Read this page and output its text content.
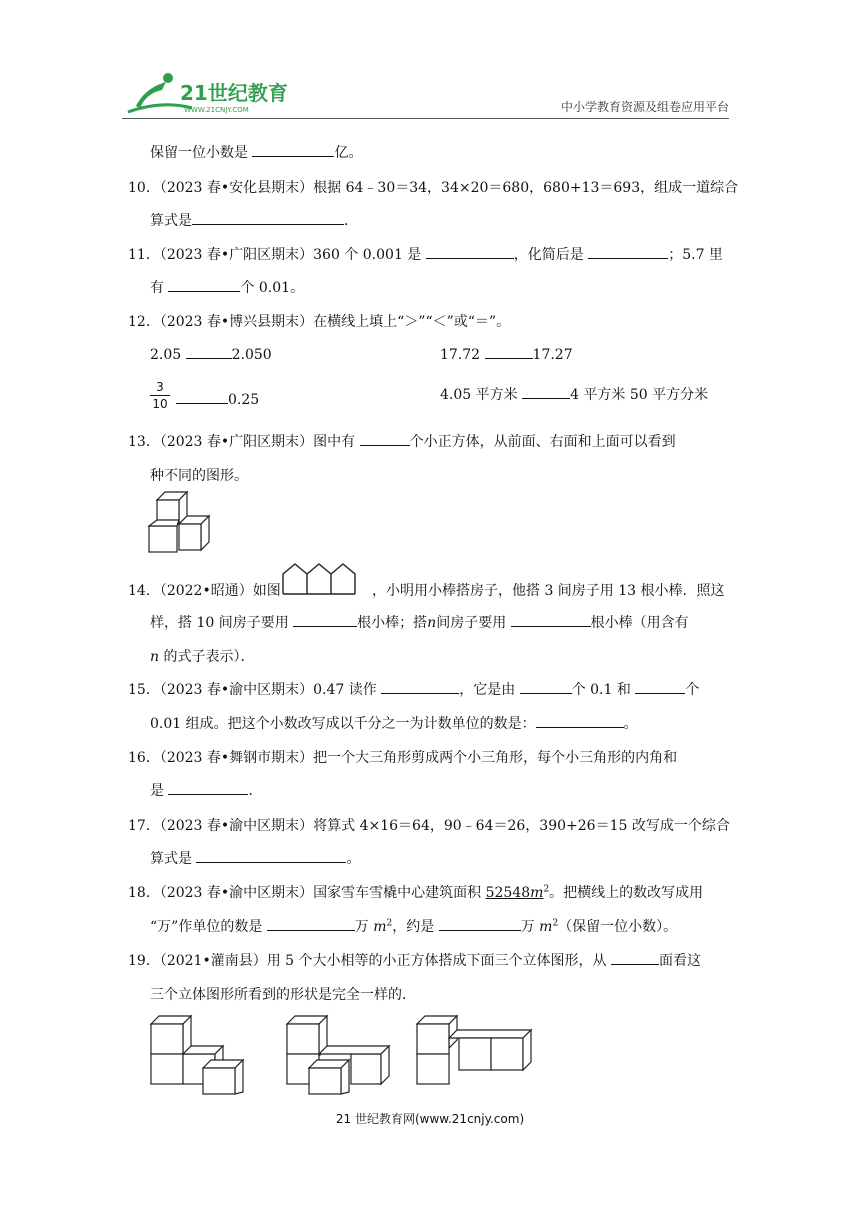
21世纪教育
WWW.21CNJY.COM	中小学教育资源及组卷应用平台
保留一位小数是	亿。
10．（2023 春•安化县期末）根据 64﹣30＝34，34×20＝680，680+13＝693，组成一道综合
算式是	．
11．（2023 春•广阳区期末）360 个 0.001 是	，化简后是	；5.7 里
有	个 0.01。
12．（2023 春•博兴县期末）在横线上填上“＞”“＜”或“＝”。
2.05	2.050	17.72	17.27
$\frac{3}{10}$	0.25	4.05 平方米	4 平方米 50 平方分米
13．（2023 春•广阳区期末）图中有	个小正方体，从前面、右面和上面可以看到
种不同的图形。
14．（2022•昭通）如图	，小明用小棒搭房子，他搭 3 间房子用 13 根小棒．照这
样，搭 10 间房子要用	根小棒；搭n间房子要用	根小棒（用含有
n 的式子表示）．
15．（2023 春•渝中区期末）0.47 读作	，它是由	个 0.1 和	个
0.01 组成。把这个小数改写成以千分之一为计数单位的数是：	。
16．（2023 春•舞钢市期末）把一个大三角形剪成两个小三角形，每个小三角形的内角和
是	．
17．（2023 春•渝中区期末）将算式 4×16＝64，90﹣64＝26，390+26＝15 改写成一个综合
算式是	。
18．（2023 春•渝中区期末）国家雪车雪橇中心建筑面积 $52548m^2$。把横线上的数改写成用
“万”作单位的数是	万 $m^2$，约是	万 $m^2$（保留一位小数）。
19．（2021•灌南县）用 5 个大小相等的小正方体搭成下面三个立体图形，从	面看这
三个立体图形所看到的形状是完全一样的．
21 世纪教育网(www.21cnjy.com)
